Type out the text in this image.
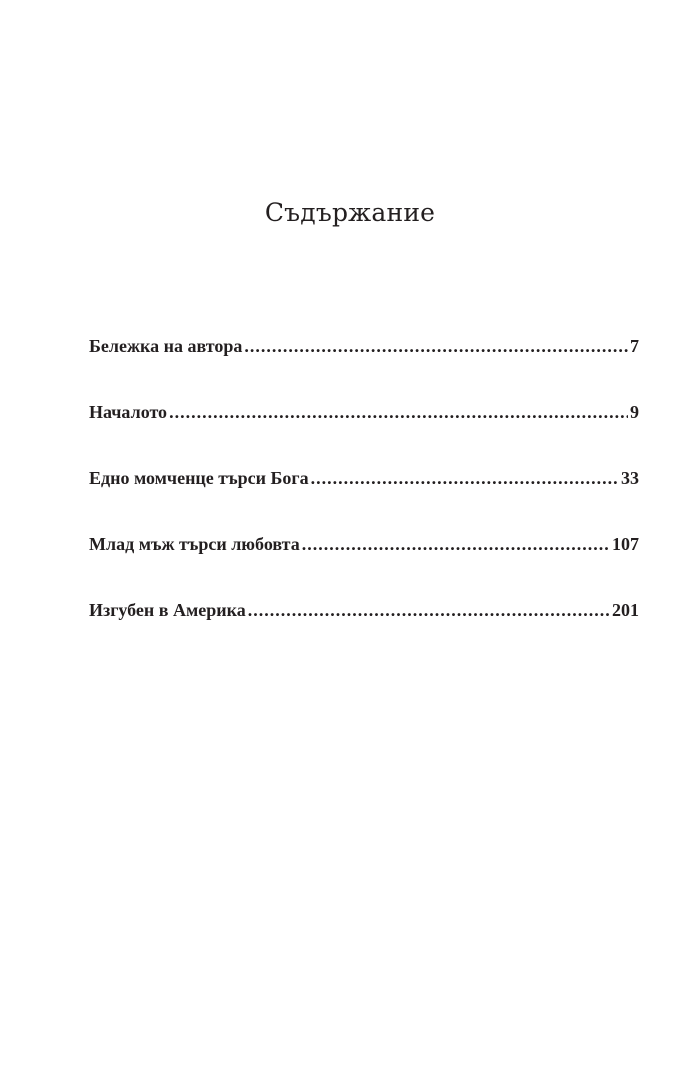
Съдържание
Бележка на автора .....	7
Началото .....	9
Едно момченце търси Бога .....	33
Млад мъж търси любовта .....	107
Изгубен в Америка .....	201
